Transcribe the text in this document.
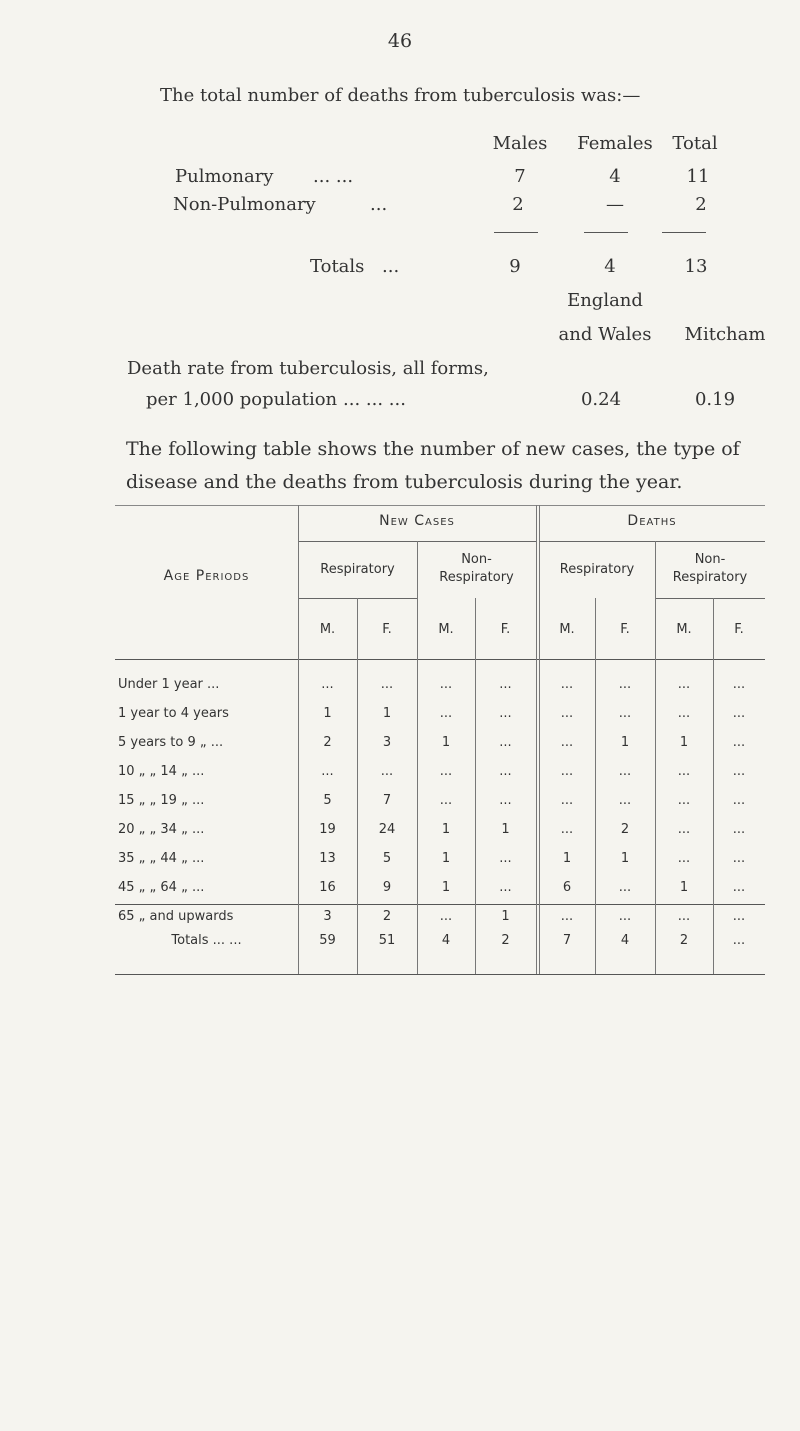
46
The total number of deaths from tuberculosis was:—
Males	Females	Total
Pulmonary ... ...	7	4	11
Non-Pulmonary	...	2	—	2
Totals ...	9	4	13
England
and Wales	Mitcham
Death rate from tuberculosis, all forms,
per 1,000 population ... ... ...	0.24	0.19
The following table shows the number of new cases, the type of disease and the deaths from tuberculosis during the year.
Age Periods
New Cases	Deaths
Respiratory
Non-
Respiratory
Respiratory
Non-
Respiratory
M.	F.	M.	F.	M.	F.	M.	F.
Under 1 year ...	...	...	...	...	...	...	...	...
1 year to 4 years	1	1	...	...	...	...	...	...
5 years to 9 „ ...	2	3	1	...	...	1	1	...
10 „ „ 14 „ ...	...	...	...	...	...	...	...	...
15 „ „ 19 „ ...	5	7	...	...	...	...	...	...
20 „ „ 34 „ ...	19	24	1	1	...	2	...	...
35 „ „ 44 „ ...	13	5	1	...	1	1	...	...
45 „ „ 64 „ ...	16	9	1	...	6	...	1	...
65 „ and upwards	3	2	...	1	...	...	...	...
Totals ... ...	59	51	4	2	7	4	2	...
